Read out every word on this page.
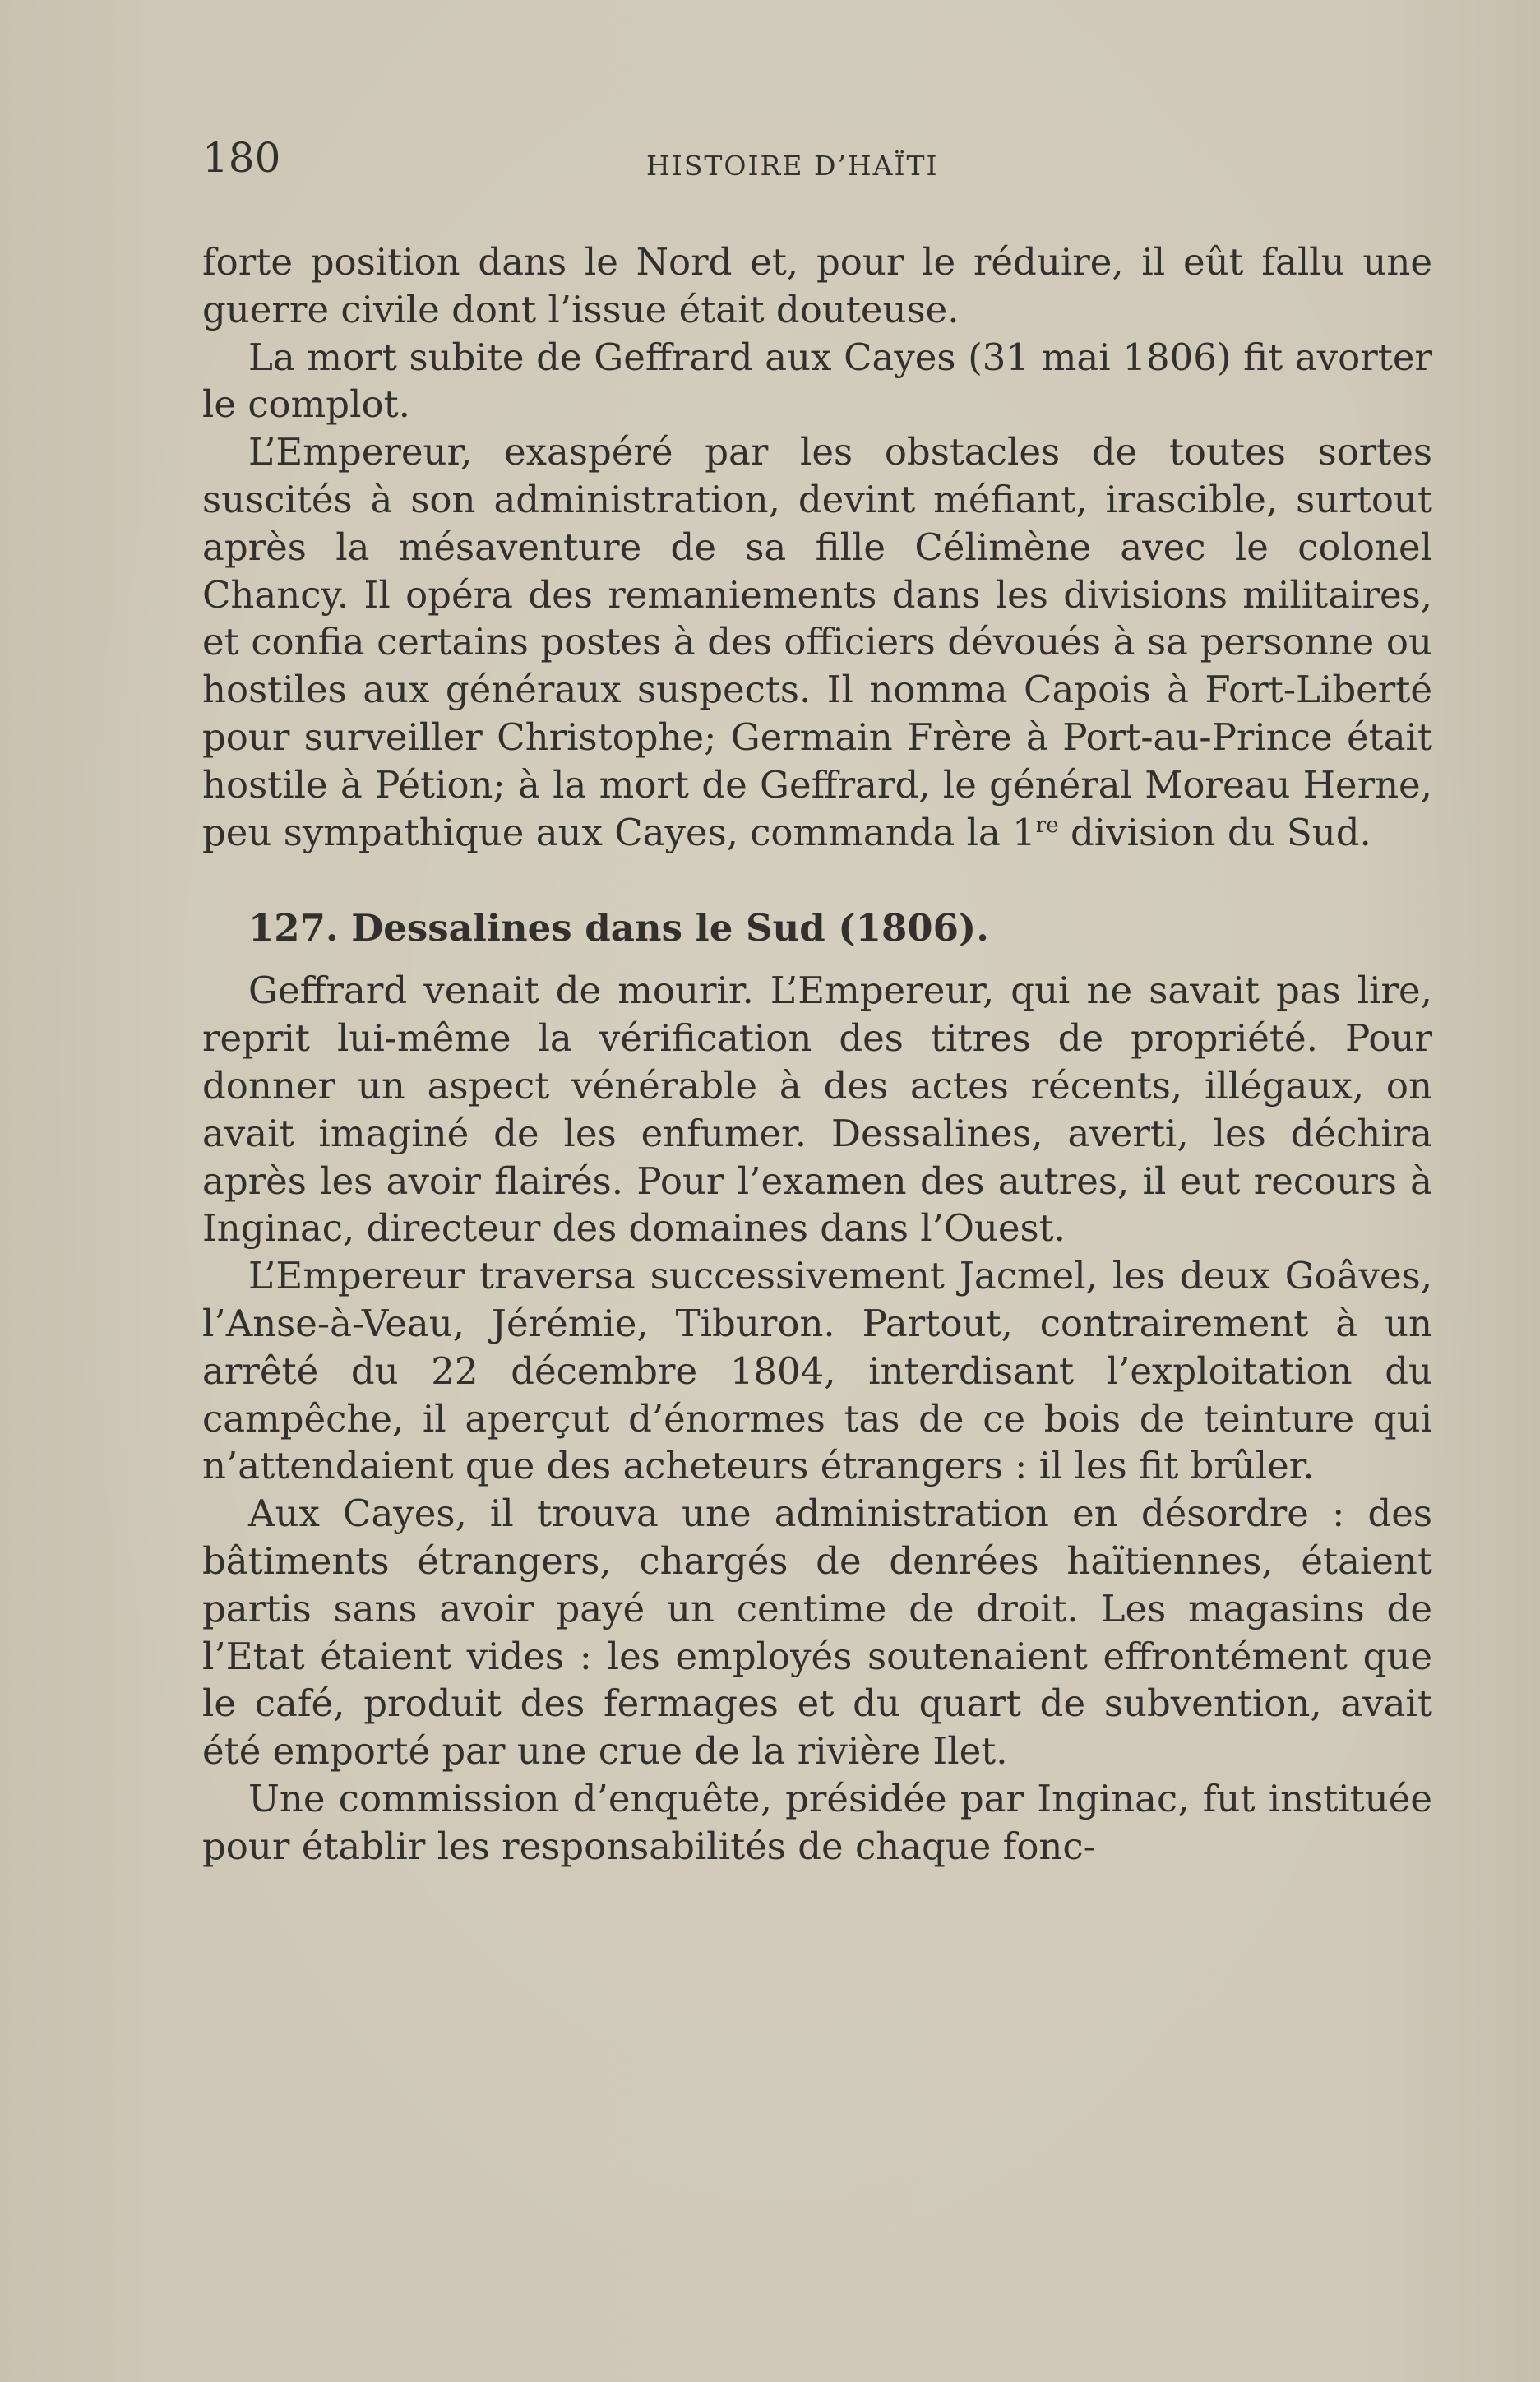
180	HISTOIRE D’HAÏTI

forte position dans le Nord et, pour le réduire, il eût fallu une guerre civile dont l’issue était douteuse.

La mort subite de Geffrard aux Cayes (31 mai 1806) fit avorter le complot.

L’Empereur, exaspéré par les obstacles de toutes sortes suscités à son administration, devint méfiant, irascible, surtout après la mésaventure de sa fille Célimène avec le colonel Chancy. Il opéra des remaniements dans les divisions militaires, et confia certains postes à des officiers dévoués à sa personne ou hostiles aux généraux suspects. Il nomma Capois à Fort-Liberté pour surveiller Christophe; Germain Frère à Port-au-Prince était hostile à Pétion; à la mort de Geffrard, le général Moreau Herne, peu sympathique aux Cayes, commanda la 1re division du Sud.

127. Dessalines dans le Sud (1806).

Geffrard venait de mourir. L’Empereur, qui ne savait pas lire, reprit lui-même la vérification des titres de propriété. Pour donner un aspect vénérable à des actes récents, illégaux, on avait imaginé de les enfumer. Dessalines, averti, les déchira après les avoir flairés. Pour l’examen des autres, il eut recours à Inginac, directeur des domaines dans l’Ouest.

L’Empereur traversa successivement Jacmel, les deux Goâves, l’Anse-à-Veau, Jérémie, Tiburon. Partout, contrairement à un arrêté du 22 décembre 1804, interdisant l’exploitation du campêche, il aperçut d’énormes tas de ce bois de teinture qui n’attendaient que des acheteurs étrangers : il les fit brûler.

Aux Cayes, il trouva une administration en désordre : des bâtiments étrangers, chargés de denrées haïtiennes, étaient partis sans avoir payé un centime de droit. Les magasins de l’Etat étaient vides : les employés soutenaient effrontément que le café, produit des fermages et du quart de subvention, avait été emporté par une crue de la rivière Ilet.

Une commission d’enquête, présidée par Inginac, fut instituée pour établir les responsabilités de chaque fonc-
